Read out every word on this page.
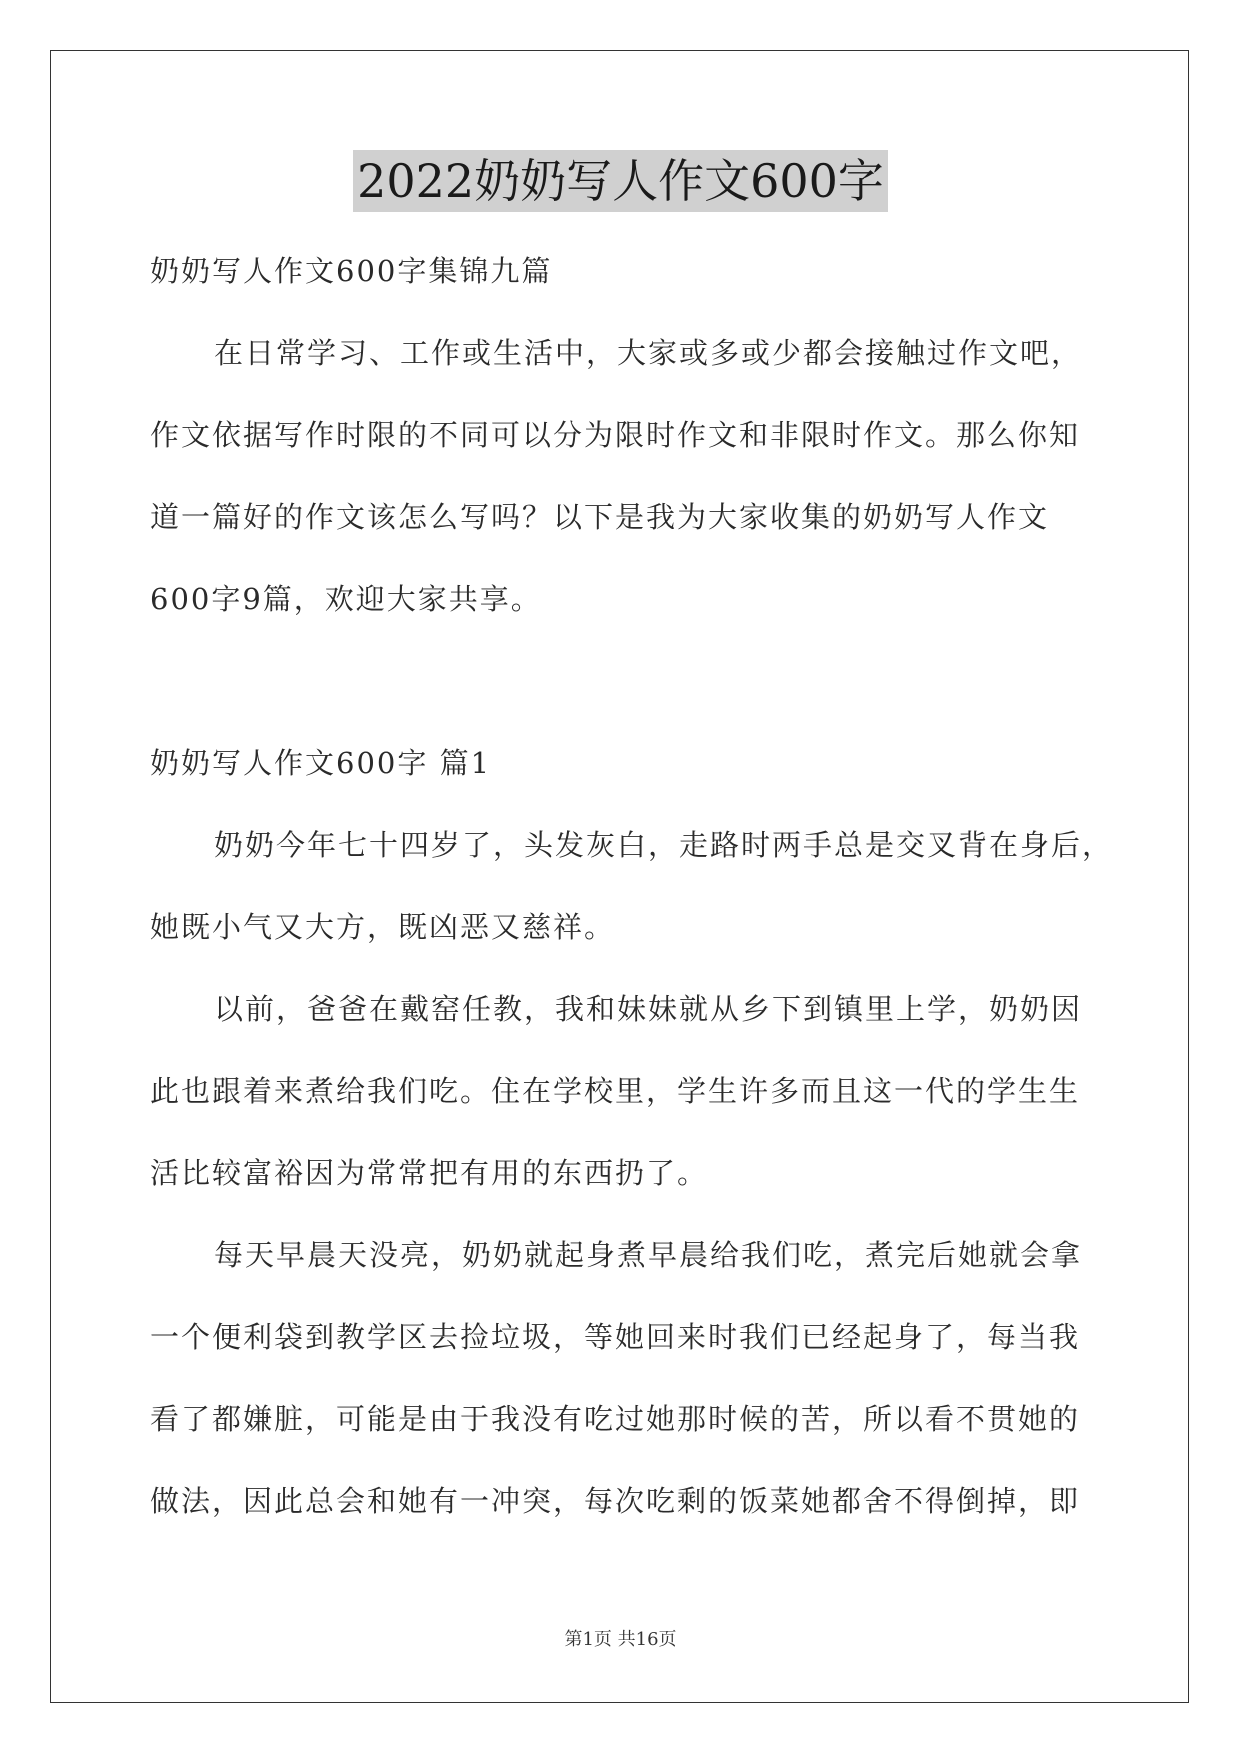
2022奶奶写人作文600字
奶奶写人作文600字集锦九篇
在日常学习、工作或生活中，大家或多或少都会接触过作文吧，
作文依据写作时限的不同可以分为限时作文和非限时作文。那么你知
道一篇好的作文该怎么写吗？以下是我为大家收集的奶奶写人作文
600字9篇，欢迎大家共享。
奶奶写人作文600字 篇1
奶奶今年七十四岁了，头发灰白，走路时两手总是交叉背在身后，
她既小气又大方，既凶恶又慈祥。
以前，爸爸在戴窑任教，我和妹妹就从乡下到镇里上学，奶奶因
此也跟着来煮给我们吃。住在学校里，学生许多而且这一代的学生生
活比较富裕因为常常把有用的东西扔了。
每天早晨天没亮，奶奶就起身煮早晨给我们吃，煮完后她就会拿
一个便利袋到教学区去捡垃圾，等她回来时我们已经起身了，每当我
看了都嫌脏，可能是由于我没有吃过她那时候的苦，所以看不贯她的
做法，因此总会和她有一冲突，每次吃剩的饭菜她都舍不得倒掉，即
第1页 共16页
